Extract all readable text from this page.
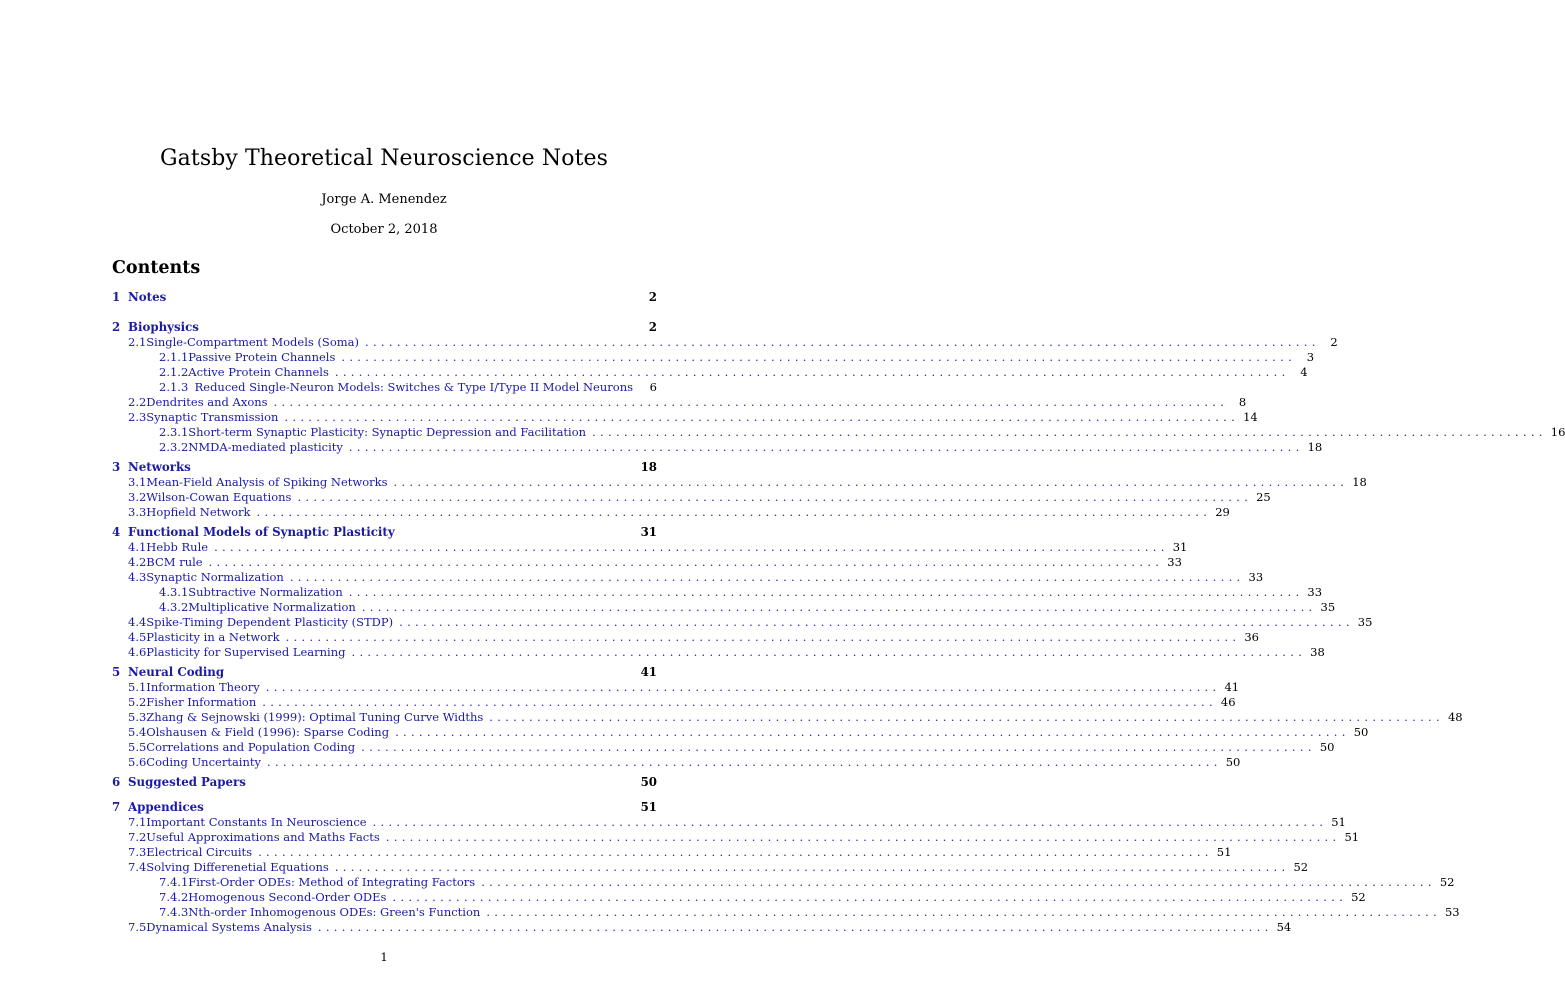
Gatsby Theoretical Neuroscience Notes
Jorge A. Menendez
October 2, 2018
Contents
1 Notes	2
2 Biophysics	2
2.1 Single-Compartment Models (Soma) ........................................................................................................................ 2
2.1.1 Passive Protein Channels ........................................................................................................................ 3
2.1.2 Active Protein Channels ........................................................................................................................ 4
2.1.3 Reduced Single-Neuron Models: Switches & Type I/Type II Model Neurons	6
2.2 Dendrites and Axons ........................................................................................................................ 8
2.3 Synaptic Transmission ........................................................................................................................ 14
2.3.1 Short-term Synaptic Plasticity: Synaptic Depression and Facilitation ........................................................................................................................ 16
2.3.2 NMDA-mediated plasticity ........................................................................................................................ 18
3 Networks	18
3.1 Mean-Field Analysis of Spiking Networks ........................................................................................................................ 18
3.2 Wilson-Cowan Equations ........................................................................................................................ 25
3.3 Hopfield Network ........................................................................................................................ 29
4 Functional Models of Synaptic Plasticity	31
4.1 Hebb Rule ........................................................................................................................ 31
4.2 BCM rule ........................................................................................................................ 33
4.3 Synaptic Normalization ........................................................................................................................ 33
4.3.1 Subtractive Normalization ........................................................................................................................ 33
4.3.2 Multiplicative Normalization ........................................................................................................................ 35
4.4 Spike-Timing Dependent Plasticity (STDP) ........................................................................................................................ 35
4.5 Plasticity in a Network ........................................................................................................................ 36
4.6 Plasticity for Supervised Learning ........................................................................................................................ 38
5 Neural Coding	41
5.1 Information Theory ........................................................................................................................ 41
5.2 Fisher Information ........................................................................................................................ 46
5.3 Zhang & Sejnowski (1999): Optimal Tuning Curve Widths ........................................................................................................................ 48
5.4 Olshausen & Field (1996): Sparse Coding ........................................................................................................................ 50
5.5 Correlations and Population Coding ........................................................................................................................ 50
5.6 Coding Uncertainty ........................................................................................................................ 50
6 Suggested Papers	50
7 Appendices	51
7.1 Important Constants In Neuroscience ........................................................................................................................ 51
7.2 Useful Approximations and Maths Facts ........................................................................................................................ 51
7.3 Electrical Circuits ........................................................................................................................ 51
7.4 Solving Differenetial Equations ........................................................................................................................ 52
7.4.1 First-Order ODEs: Method of Integrating Factors ........................................................................................................................ 52
7.4.2 Homogenous Second-Order ODEs ........................................................................................................................ 52
7.4.3 Nth-order Inhomogenous ODEs: Green's Function ........................................................................................................................ 53
7.5 Dynamical Systems Analysis ........................................................................................................................ 54
1
